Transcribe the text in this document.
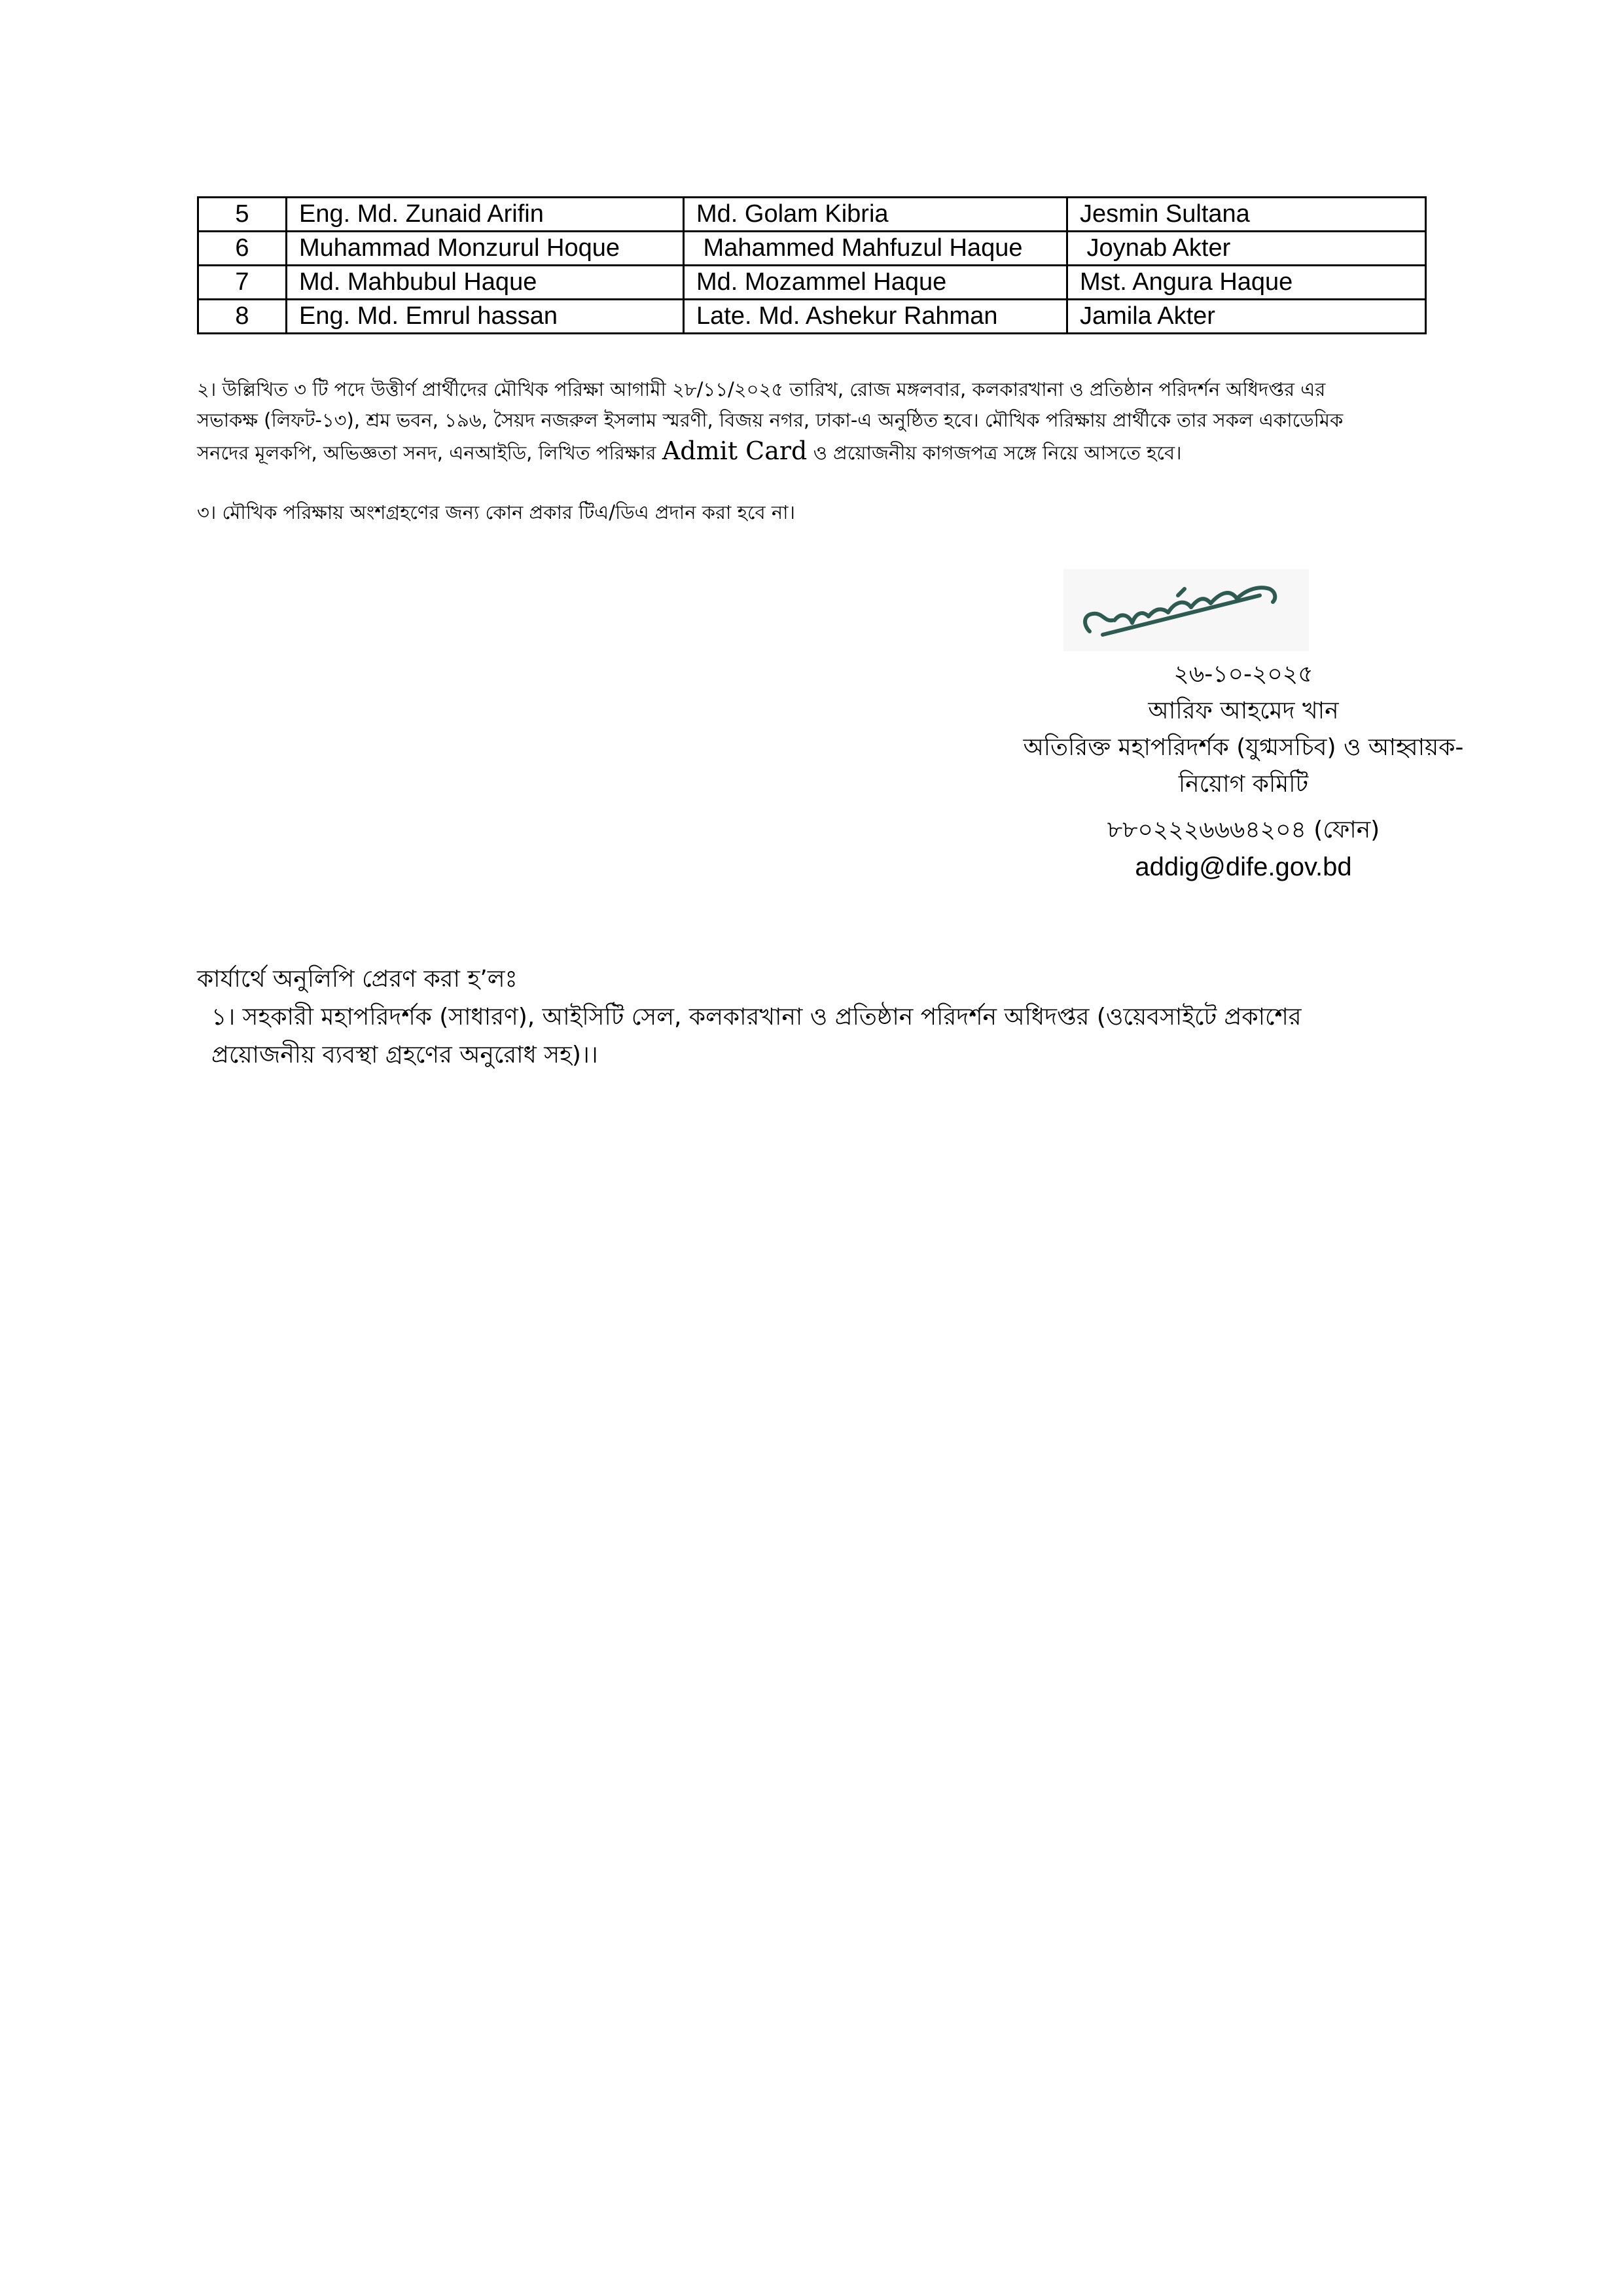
5	Eng. Md. Zunaid Arifin	Md. Golam Kibria	Jesmin Sultana
6	Muhammad Monzurul Hoque	Mahammed Mahfuzul Haque	Joynab Akter
7	Md. Mahbubul Haque	Md. Mozammel Haque	Mst. Angura Haque
8	Eng. Md. Emrul hassan	Late. Md. Ashekur Rahman	Jamila Akter
২। উল্লিখিত ৩ টি পদে উত্তীর্ণ প্রার্থীদের মৌখিক পরিক্ষা আগামী ২৮/১১/২০২৫ তারিখ, রোজ মঙ্গলবার, কলকারখানা ও প্রতিষ্ঠান পরিদর্শন অধিদপ্তর এর
সভাকক্ষ (লিফট-১৩), শ্রম ভবন, ১৯৬, সৈয়দ নজরুল ইসলাম স্মরণী, বিজয় নগর, ঢাকা-এ অনুষ্ঠিত হবে। মৌখিক পরিক্ষায় প্রার্থীকে তার সকল একাডেমিক
সনদের মূলকপি, অভিজ্ঞতা সনদ, এনআইডি, লিখিত পরিক্ষার Admit Card ও প্রয়োজনীয় কাগজপত্র সঙ্গে নিয়ে আসতে হবে।
৩। মৌখিক পরিক্ষায় অংশগ্রহণের জন্য কোন প্রকার টিএ/ডিএ প্রদান করা হবে না।
২৬-১০-২০২৫
আরিফ আহমেদ খান
অতিরিক্ত মহাপরিদর্শক (যুগ্মসচিব) ও আহ্বায়ক-
নিয়োগ কমিটি
৮৮০২২২৬৬৬৪২০৪ (ফোন)
addig@dife.gov.bd
কার্যার্থে অনুলিপি প্রেরণ করা হ’লঃ
১। সহকারী মহাপরিদর্শক (সাধারণ), আইসিটি সেল, কলকারখানা ও প্রতিষ্ঠান পরিদর্শন অধিদপ্তর (ওয়েবসাইটে প্রকাশের
প্রয়োজনীয় ব্যবস্থা গ্রহণের অনুরোধ সহ)।।
